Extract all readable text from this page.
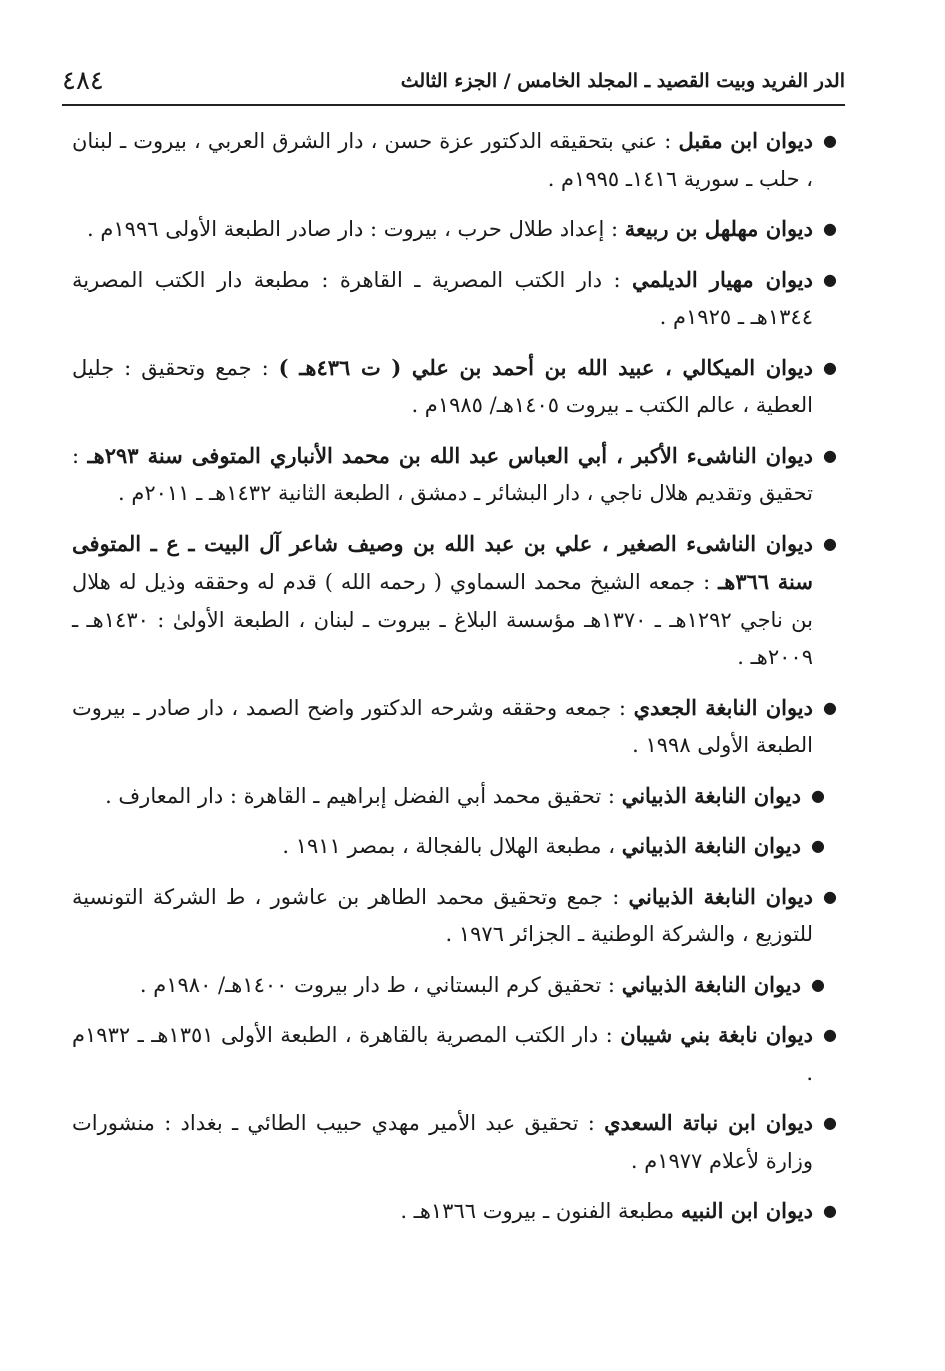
الدر الفريد وبيت القصيد ـ المجلد الخامس / الجزء الثالث
٤٨٤
●
ديوان ابن مقبل : عني بتحقيقه الدكتور عزة حسن ، دار الشرق العربي ، بيروت ـ لبنان ، حلب ـ سورية ١٤١٦ـ ١٩٩٥م .
●
ديوان مهلهل بن ربيعة : إعداد طلال حرب ، بيروت : دار صادر الطبعة الأولى ١٩٩٦م .
●
ديوان مهيار الديلمي : دار الكتب المصرية ـ القاهرة : مطبعة دار الكتب المصرية ١٣٤٤هـ ـ ١٩٢٥م .
●
ديوان الميكالي ، عبيد الله بن أحمد بن علي ( ت ٤٣٦هـ ) : جمع وتحقيق : جليل العطية ، عالم الكتب ـ بيروت ١٤٠٥هـ/ ١٩٨٥م .
●
ديوان الناشىء الأكبر ، أبي العباس عبد الله بن محمد الأنباري المتوفى سنة ٢٩٣هـ : تحقيق وتقديم هلال ناجي ، دار البشائر ـ دمشق ، الطبعة الثانية ١٤٣٢هـ ـ ٢٠١١م .
●
ديوان الناشىء الصغير ، علي بن عبد الله بن وصيف شاعر آل البيت ـ ع ـ المتوفى سنة ٣٦٦هـ : جمعه الشيخ محمد السماوي ( رحمه الله ) قدم له وحققه وذيل له هلال بن ناجي ١٢٩٢هـ ـ ١٣٧٠هـ مؤسسة البلاغ ـ بيروت ـ لبنان ، الطبعة الأولىٰ : ١٤٣٠هـ ـ ٢٠٠٩هـ .
●
ديوان النابغة الجعدي : جمعه وحققه وشرحه الدكتور واضح الصمد ، دار صادر ـ بيروت الطبعة الأولى ١٩٩٨ .
●
ديوان النابغة الذبياني : تحقيق محمد أبي الفضل إبراهيم ـ القاهرة : دار المعارف .
●
ديوان النابغة الذبياني ، مطبعة الهلال بالفجالة ، بمصر ١٩١١ .
●
ديوان النابغة الذبياني : جمع وتحقيق محمد الطاهر بن عاشور ، ط الشركة التونسية للتوزيع ، والشركة الوطنية ـ الجزائر ١٩٧٦ .
●
ديوان النابغة الذبياني : تحقيق كرم البستاني ، ط دار بيروت ١٤٠٠هـ/ ١٩٨٠م .
●
ديوان نابغة بني شيبان : دار الكتب المصرية بالقاهرة ، الطبعة الأولى ١٣٥١هـ ـ ١٩٣٢م .
●
ديوان ابن نباتة السعدي : تحقيق عبد الأمير مهدي حبيب الطائي ـ بغداد : منشورات وزارة لأعلام ١٩٧٧م .
●
ديوان ابن النبيه مطبعة الفنون ـ بيروت ١٣٦٦هـ .
